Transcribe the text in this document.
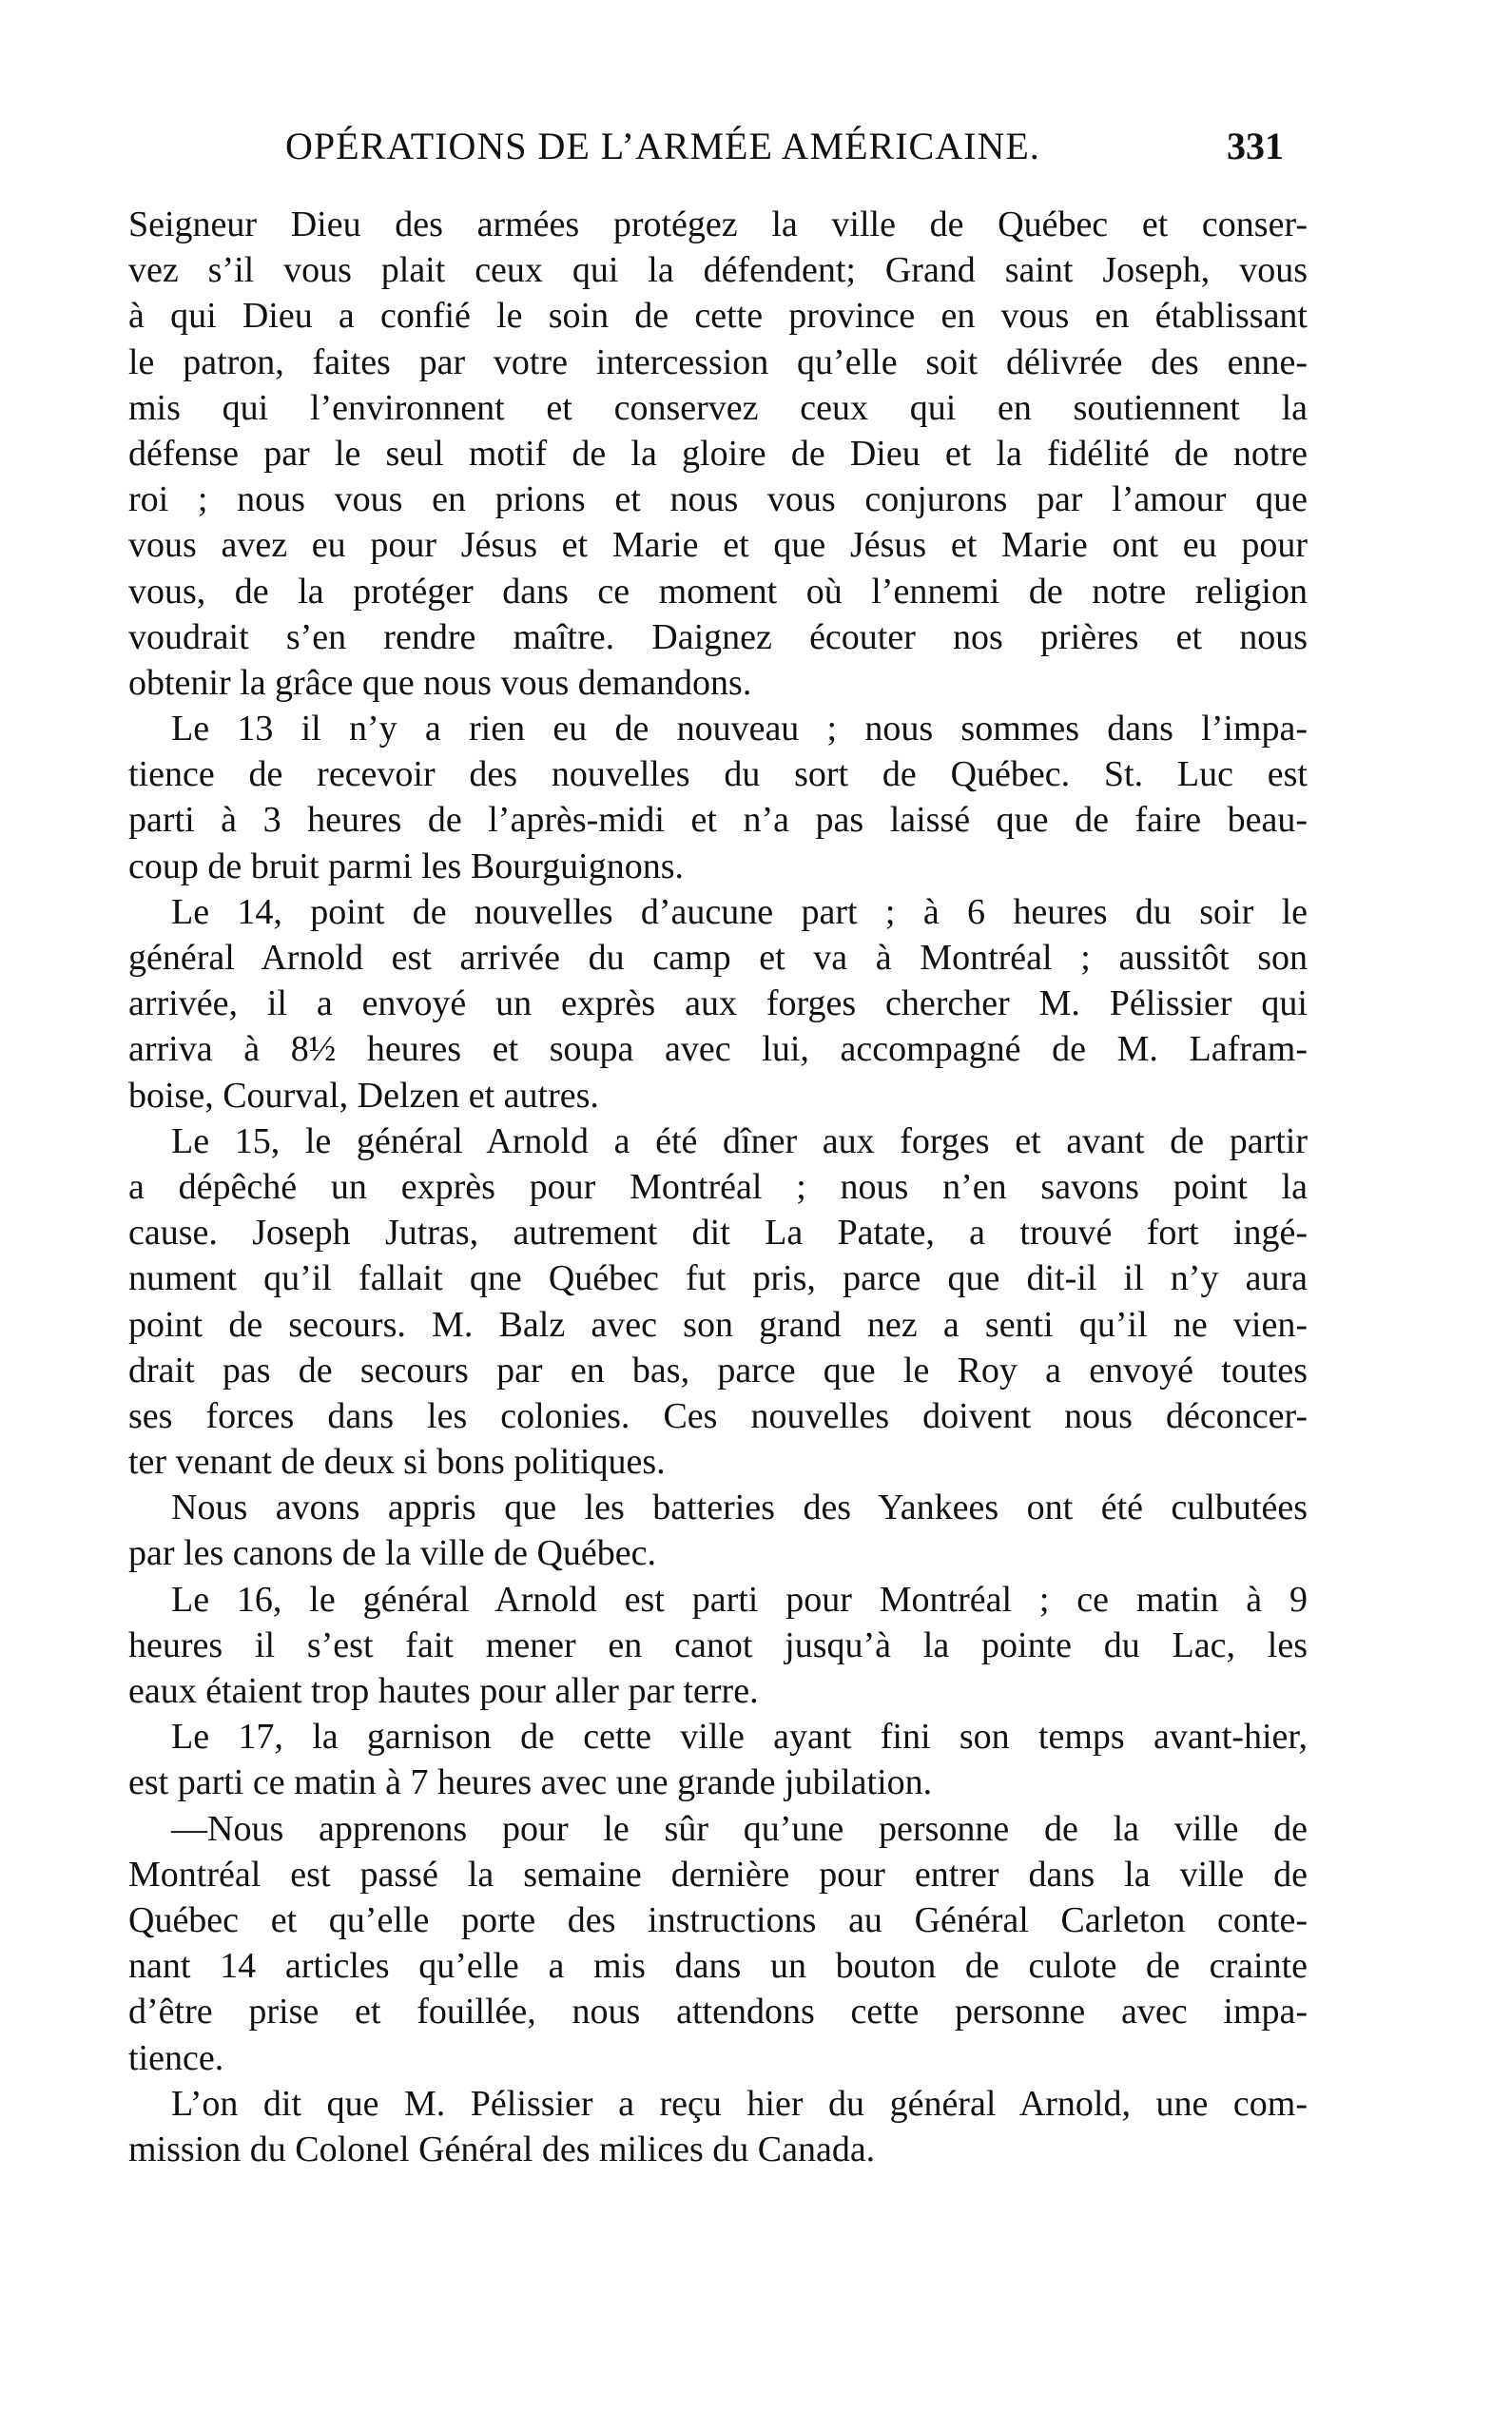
OPÉRATIONS DE L’ARMÉE AMÉRICAINE.	331
Seigneur Dieu des armées protégez la ville de Québec et conser-
vez s’il vous plait ceux qui la défendent; Grand saint Joseph, vous
à qui Dieu a confié le soin de cette province en vous en établissant
le patron, faites par votre intercession qu’elle soit délivrée des enne-
mis qui l’environnent et conservez ceux qui en soutiennent la
défense par le seul motif de la gloire de Dieu et la fidélité de notre
roi ; nous vous en prions et nous vous conjurons par l’amour que
vous avez eu pour Jésus et Marie et que Jésus et Marie ont eu pour
vous, de la protéger dans ce moment où l’ennemi de notre religion
voudrait s’en rendre maître. Daignez écouter nos prières et nous
obtenir la grâce que nous vous demandons.
Le 13 il n’y a rien eu de nouveau ; nous sommes dans l’impa-
tience de recevoir des nouvelles du sort de Québec. St. Luc est
parti à 3 heures de l’après-midi et n’a pas laissé que de faire beau-
coup de bruit parmi les Bourguignons.
Le 14, point de nouvelles d’aucune part ; à 6 heures du soir le
général Arnold est arrivée du camp et va à Montréal ; aussitôt son
arrivée, il a envoyé un exprès aux forges chercher M. Pélissier qui
arriva à 8½ heures et soupa avec lui, accompagné de M. Lafram-
boise, Courval, Delzen et autres.
Le 15, le général Arnold a été dîner aux forges et avant de partir
a dépêché un exprès pour Montréal ; nous n’en savons point la
cause. Joseph Jutras, autrement dit La Patate, a trouvé fort ingé-
nument qu’il fallait qne Québec fut pris, parce que dit-il il n’y aura
point de secours. M. Balz avec son grand nez a senti qu’il ne vien-
drait pas de secours par en bas, parce que le Roy a envoyé toutes
ses forces dans les colonies. Ces nouvelles doivent nous déconcer-
ter venant de deux si bons politiques.
Nous avons appris que les batteries des Yankees ont été culbutées
par les canons de la ville de Québec.
Le 16, le général Arnold est parti pour Montréal ; ce matin à 9
heures il s’est fait mener en canot jusqu’à la pointe du Lac, les
eaux étaient trop hautes pour aller par terre.
Le 17, la garnison de cette ville ayant fini son temps avant-hier,
est parti ce matin à 7 heures avec une grande jubilation.
—Nous apprenons pour le sûr qu’une personne de la ville de
Montréal est passé la semaine dernière pour entrer dans la ville de
Québec et qu’elle porte des instructions au Général Carleton conte-
nant 14 articles qu’elle a mis dans un bouton de culote de crainte
d’être prise et fouillée, nous attendons cette personne avec impa-
tience.
L’on dit que M. Pélissier a reçu hier du général Arnold, une com-
mission du Colonel Général des milices du Canada.
